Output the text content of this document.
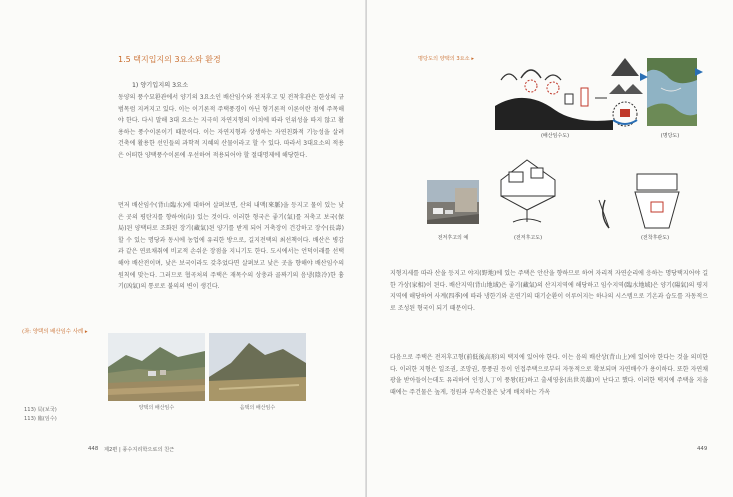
1.5 택지입지의 3요소와 환경
1) 양기입지의 3요소
동양의 풍수묘환관에서 양기의 3요소인 배산임수와 전저후고 및 전착후관은 한상의 규범목럼 지켜지고 있다. 이는 이기론적 주택풍경이 아닌 형기론적 이론이란 점에 주목해야 한다. 다시 말해 3대 요소는 지극히 자연지형의 이치에 따라 인위성을 따지 않고 활용하는 풍수이론이기 때문이다. 이는 자연지형과 상생하는 자연친화적 기능성을 살려 건축에 활용한 선인들의 과학적 지혜의 산물이라고 할 수 있다. 따라서 3대요소의 적용은 어떠한 양택풍수이론에 우선하여 적용되어야 할 절대명제에 해당한다.
먼저 배산임수(背山臨水)에 대하여 살펴보면, 산의 내맥(來脈)을 등지고 물이 있는 낮은 곳의 평탄지를 향하여(向) 있는 것이다. 이러한 형국은 좋기(氣)를 저축고 보국(保局)된 양택터로 조화된 장기(藏氣)된 양기를 받게 되어 거축장이 건강하고 장수(長壽)할 수 있는 명당과 동시에 농업에 유리한 방으로, 길지전택의 최선책이다. 배산은 병감과 같은 연료채취에 비교적 손쉬운 장점을 지니기도 한다. 도시에서는 언덕이래를 선택해야 배산전이며, 낮은 보국이라도 갖추었다면 살펴보고 낮은 곳을 향해야 배산임수의 원칙에 맞는다. 그러므로 협곡처의 주택은 재목수의 상충과 골짜기의 음냉(陰冷)한 흉기(凶氣)의 통로로 불의의 변이 생긴다.
(좌: 양택의 배산임수 사례 ▸
양택의 배산임수	음택의 배산임수
113) 局(보국)
113) 臨(임수)
448 제2편 | 풍수지리학으로의 친근
명당도의 양택의 3요소 ▸
(배산임수도)	(명당도)
전저후고의 예	(전저후고도)	(전착후관도)
지형지세를 따라 산을 등지고 야지(野地)에 있는 주택은 안산을 향하므로 하여 자리적 자연순리에 응하는 명당택지어야 길한 가상(家相)이 된다. 배산지역(背山地域)은 좋기(藏氣)의 산지지역에 해당하고 임수지역(臨水地域)은 양기(陽氣)의 평지지역에 해당하여 사계(四季)에 따라 냉한기와 온연기의 대기순환이 이루어지는 하나의 시스템으로 기온과 습도를 자동적으로 조성된 형국이 되기 때문이다.
다음으로 주택은 전저후고형(前低後高形)의 택지에 있어야 한다. 이는 음의 배산상(背山上)에 있어야 한다는 것을 의미한다. 이러한 지형은 일조권, 조망권, 통풍권 등이 인접주택으로부터 자동적으로 확보되며 자연배수가 용이하다. 또한 자연채광을 받아들이는데도 유리하여 인정人丁이 풍왕(旺)하고 출세영웅(出世英雄)이 난다고 했다. 이러한 택지에 주택을 지을 때에는 주건물은 높게, 정원과 부속건물은 낮게 배치하는 가옥
449
